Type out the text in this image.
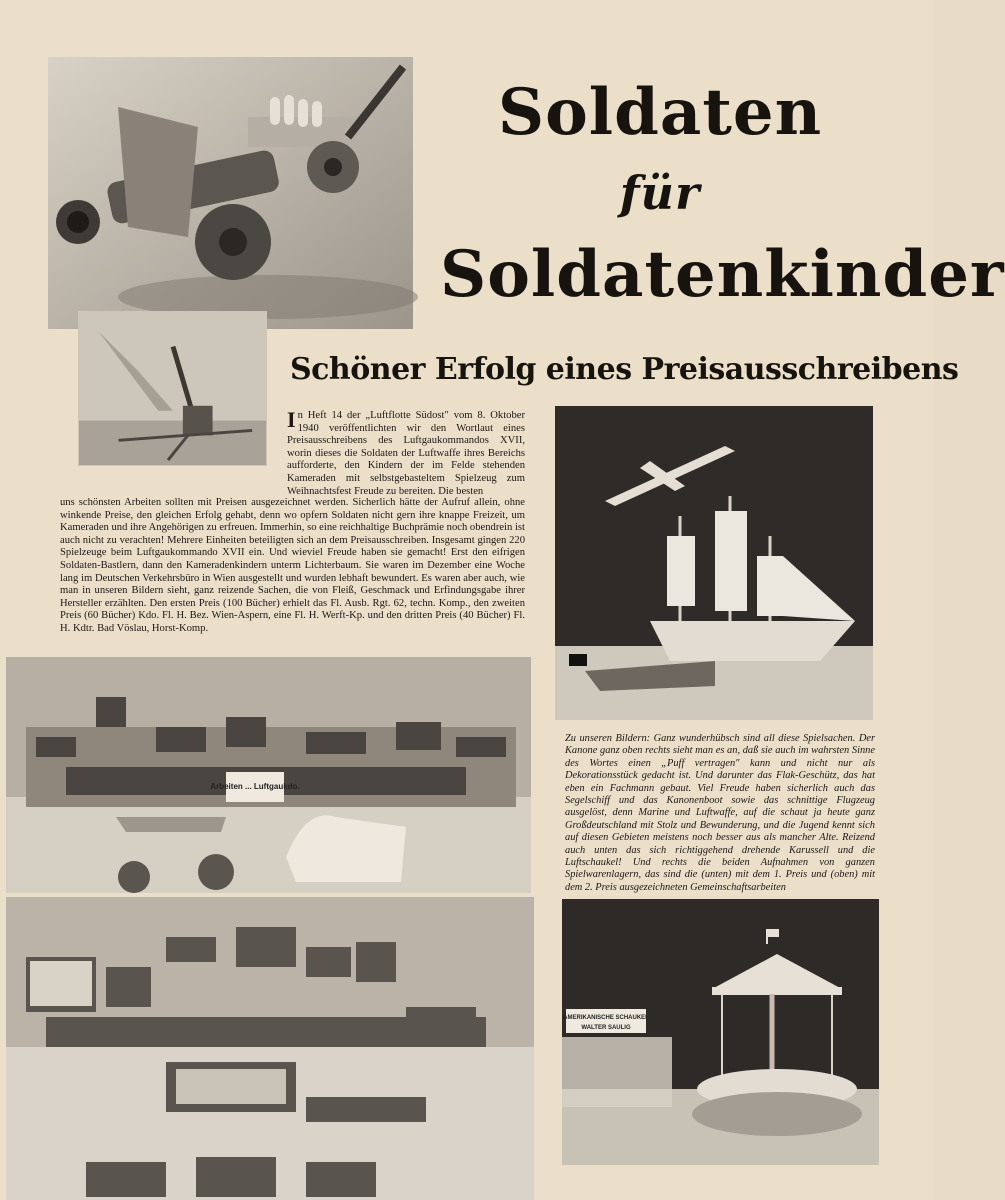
Soldaten
für
Soldatenkinder
Schöner Erfolg eines Preisausschreibens
In Heft 14 der „Luftflotte Südost" vom 8. Oktober 1940 veröffentlichten wir den Wortlaut eines Preisausschreibens des Luftgaukommandos XVII, worin dieses die Soldaten der Luftwaffe ihres Bereichs aufforderte, den Kindern der im Felde stehenden Kameraden mit selbstgebasteltem Spielzeug zum Weihnachtsfest Freude zu bereiten. Die besten
uns schönsten Arbeiten sollten mit Preisen ausgezeichnet werden. Sicherlich hätte der Aufruf allein, ohne winkende Preise, den gleichen Erfolg gehabt, denn wo opfern Soldaten nicht gern ihre knappe Freizeit, um Kameraden und ihre Angehörigen zu erfreuen. Immerhin, so eine reichhaltige Buchprämie noch obendrein ist auch nicht zu verachten! Mehrere Einheiten beteiligten sich an dem Preisausschreiben. Insgesamt gingen 220 Spielzeuge beim Luftgaukommando XVII ein. Und wieviel Freude haben sie gemacht! Erst den eifrigen Soldaten-Bastlern, dann den Kameradenkindern unterm Lichterbaum. Sie waren im Dezember eine Woche lang im Deutschen Verkehrsbüro in Wien ausgestellt und wurden lebhaft bewundert. Es waren aber auch, wie man in unseren Bildern sieht, ganz reizende Sachen, die von Fleiß, Geschmack und Erfindungsgabe ihrer Hersteller erzählten. Den ersten Preis (100 Bücher) erhielt das Fl. Ausb. Rgt. 62, techn. Komp., den zweiten Preis (60 Bücher) Kdo. Fl. H. Bez. Wien-Aspern, eine Fl. H. Werft-Kp. und den dritten Preis (40 Bücher) Fl. H. Kdtr. Bad Vöslau, Horst-Komp.
Zu unseren Bildern: Ganz wunderhübsch sind all diese Spielsachen. Der Kanone ganz oben rechts sieht man es an, daß sie auch im wahrsten Sinne des Wortes einen „Puff vertragen" kann und nicht nur als Dekorationsstück gedacht ist. Und darunter das Flak-Geschütz, das hat eben ein Fachmann gebaut. Viel Freude haben sicherlich auch das Segelschiff und das Kanonenboot sowie das schnittige Flugzeug ausgelöst, denn Marine und Luftwaffe, auf die schaut ja heute ganz Großdeutschland mit Stolz und Bewunderung, und die Jugend kennt sich auf diesen Gebieten meistens noch besser aus als mancher Alte. Reizend auch unten das sich richtiggehend drehende Karussell und die Luftschaukel! Und rechts die beiden Aufnahmen von ganzen Spielwarenlagern, das sind die (unten) mit dem 1. Preis und (oben) mit dem 2. Preis ausgezeichneten Gemeinschaftsarbeiten
Arbeiten ... Luftgaukdo.
AMERIKANISCHE SCHAUKEL
WALTER SAULIG
